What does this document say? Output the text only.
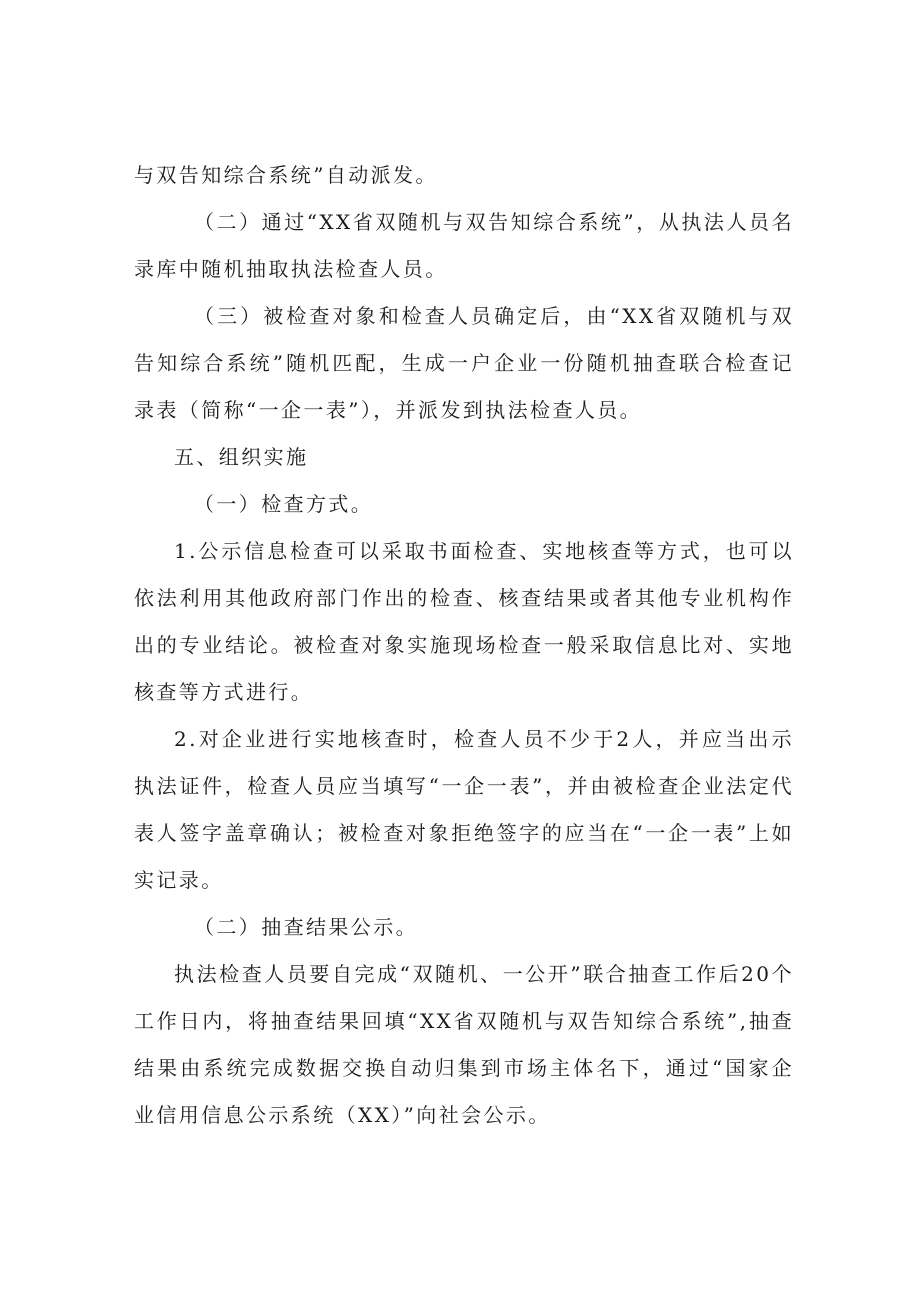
与双告知综合系统”自动派发。

（二）通过“XX省双随机与双告知综合系统”，从执法人员名录库中随机抽取执法检查人员。

（三）被检查对象和检查人员确定后，由“XX省双随机与双告知综合系统”随机匹配，生成一户企业一份随机抽查联合检查记录表（简称“一企一表”），并派发到执法检查人员。

五、组织实施

（一）检查方式。

1.公示信息检查可以采取书面检查、实地核查等方式，也可以依法利用其他政府部门作出的检查、核查结果或者其他专业机构作出的专业结论。被检查对象实施现场检查一般采取信息比对、实地核查等方式进行。

2.对企业进行实地核查时，检查人员不少于2人，并应当出示执法证件，检查人员应当填写“一企一表”，并由被检查企业法定代表人签字盖章确认；被检查对象拒绝签字的应当在“一企一表”上如实记录。

（二）抽查结果公示。

执法检查人员要自完成“双随机、一公开”联合抽查工作后20个工作日内，将抽查结果回填“XX省双随机与双告知综合系统”,抽查结果由系统完成数据交换自动归集到市场主体名下，通过“国家企业信用信息公示系统（XX）”向社会公示。
